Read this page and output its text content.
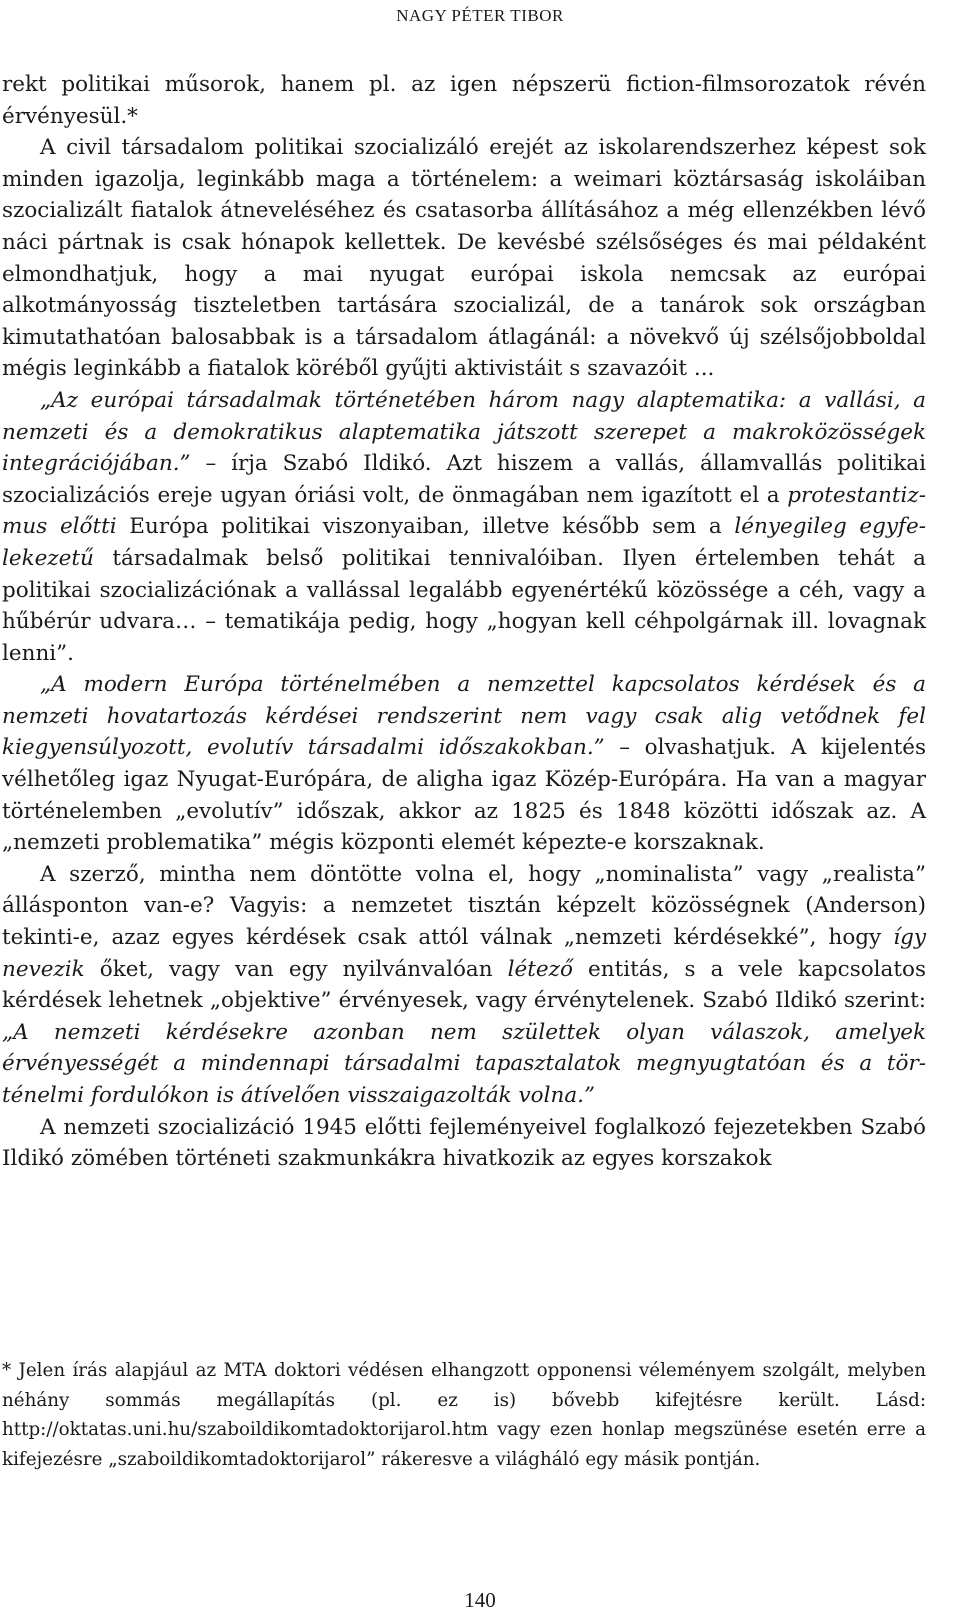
NAGY PÉTER TIBOR

rekt politikai műsorok, hanem pl. az igen népszerü fiction-filmsorozatok révén érvényesül.*

A civil társadalom politikai szocializáló erejét az iskolarendszerhez képest sok minden igazolja, leginkább maga a történelem: a weimari köztársaság iskoláiban szocializált fiatalok átneveléséhez és csatasorba állításához a még ellenzékben lévő náci pártnak is csak hónapok kellettek. De kevésbé szélsőséges és mai példaként elmondhatjuk, hogy a mai nyugat európai iskola nemcsak az európai alkotmányosság tiszteletben tartására szocializál, de a tanárok sok országban kimutathatóan balosabbak is a társadalom átlagánál: a növekvő új szélsőjobboldal mégis leginkább a fiatalok köréből gyűjti aktivistáit s szavazóit ...

„Az európai társadalmak történetében három nagy alaptematika: a vallási, a nemzeti és a demokratikus alaptematika játszott szerepet a makroközösségek integrációjában.” – írja Szabó Ildikó. Azt hiszem a vallás, államvallás politikai szocializációs ereje ugyan óriási volt, de önmagában nem igazított el a protestantizmus előtti Európa politikai viszonyaiban, illetve később sem a lényegileg egyfelekezetű társadalmak belső politikai tennivalóiban. Ilyen értelemben tehát a politikai szocializációnak a vallással legalább egyenértékű közössége a céh, vagy a hűbérúr udvara… – tematikája pedig, hogy „hogyan kell céhpolgárnak ill. lovagnak lenni”.

„A modern Európa történelmében a nemzettel kapcsolatos kérdések és a nemzeti hovatartozás kérdései rendszerint nem vagy csak alig vetődnek fel kiegyensúlyozott, evolutív társadalmi időszakokban.” – olvashatjuk. A kijelentés vélhetőleg igaz Nyugat-Európára, de aligha igaz Közép-Európára. Ha van a magyar történelemben „evolutív” időszak, akkor az 1825 és 1848 közötti időszak az. A „nemzeti problematika” mégis központi elemét képezte-e korszaknak.

A szerző, mintha nem döntötte volna el, hogy „nominalista” vagy „realista” állásponton van-e? Vagyis: a nemzetet tisztán képzelt közösségnek (Anderson) tekinti-e, azaz egyes kérdések csak attól válnak „nemzeti kérdésekké”, hogy így nevezik őket, vagy van egy nyilvánvalóan létező entitás, s a vele kapcsolatos kérdések lehetnek „objektive” érvényesek, vagy érvénytelenek. Szabó Ildikó szerint: „A nemzeti kérdésekre azonban nem születtek olyan válaszok, amelyek érvényességét a mindennapi társadalmi tapasztalatok megnyugtatóan és a történelmi fordulókon is átívelően visszaigazolták volna.”

A nemzeti szocializáció 1945 előtti fejleményeivel foglalkozó fejezetekben Szabó Ildikó zömében történeti szakmunkákra hivatkozik az egyes korszakok

* Jelen írás alapjául az MTA doktori védésen elhangzott opponensi véleményem szolgált, melyben néhány sommás megállapítás (pl. ez is) bővebb kifejtésre került. Lásd: http://oktatas.uni.hu/szaboildikomtadoktorijarol.htm vagy ezen honlap megszünése esetén erre a kifejezésre „szaboildikomtadoktorijarol” rákeresve a világháló egy másik pontján.

140
